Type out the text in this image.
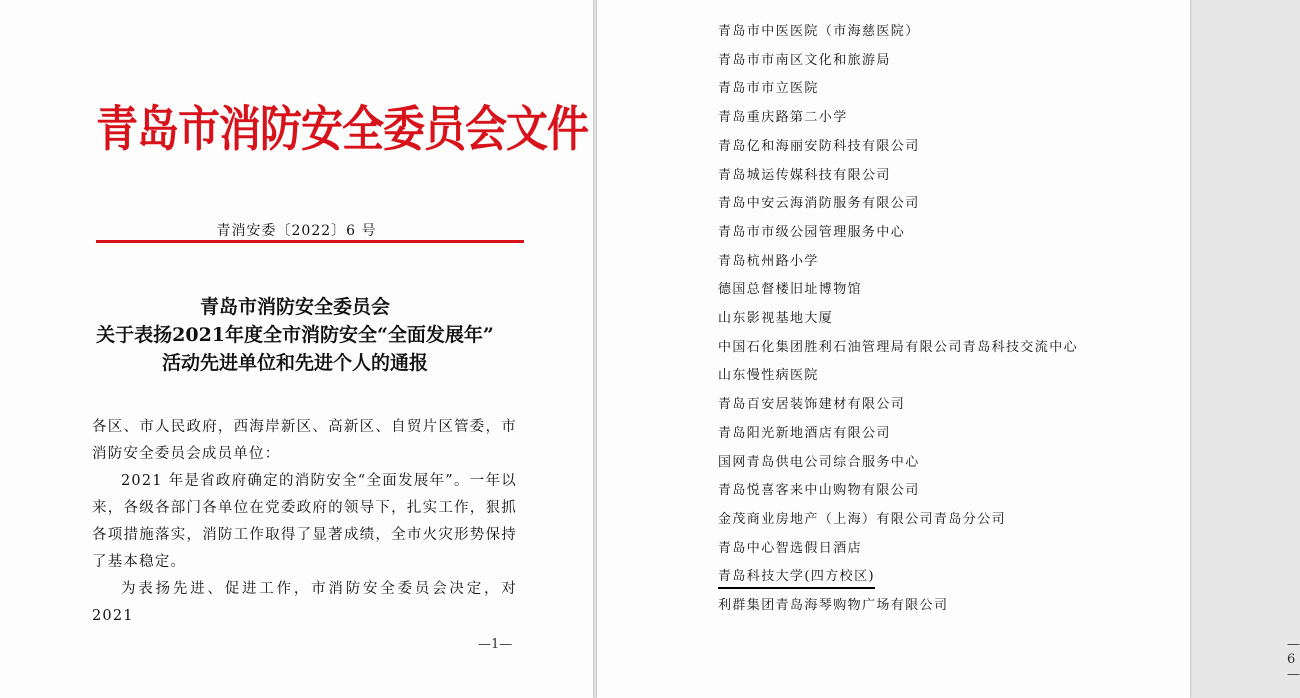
青岛市消防安全委员会文件
青消安委〔2022〕6 号
青岛市消防安全委员会
关于表扬2021年度全市消防安全“全面发展年”
活动先进单位和先进个人的通报

各区、市人民政府，西海岸新区、高新区、自贸片区管委，市消防安全委员会成员单位：

2021 年是省政府确定的消防安全“全面发展年”。一年以来，各级各部门各单位在党委政府的领导下，扎实工作，狠抓各项措施落实，消防工作取得了显著成绩，全市火灾形势保持了基本稳定。

为表扬先进、促进工作，市消防安全委员会决定，对 2021

—1—	—6—
青岛市中医医院（市海慈医院）
青岛市市南区文化和旅游局
青岛市市立医院
青岛重庆路第二小学
青岛亿和海丽安防科技有限公司
青岛城运传媒科技有限公司
青岛中安云海消防服务有限公司
青岛市市级公园管理服务中心
青岛杭州路小学
德国总督楼旧址博物馆
山东影视基地大厦
中国石化集团胜利石油管理局有限公司青岛科技交流中心
山东慢性病医院
青岛百安居装饰建材有限公司
青岛阳光新地酒店有限公司
国网青岛供电公司综合服务中心
青岛悦喜客来中山购物有限公司
金茂商业房地产（上海）有限公司青岛分公司
青岛中心智选假日酒店
青岛科技大学(四方校区)
利群集团青岛海琴购物广场有限公司
